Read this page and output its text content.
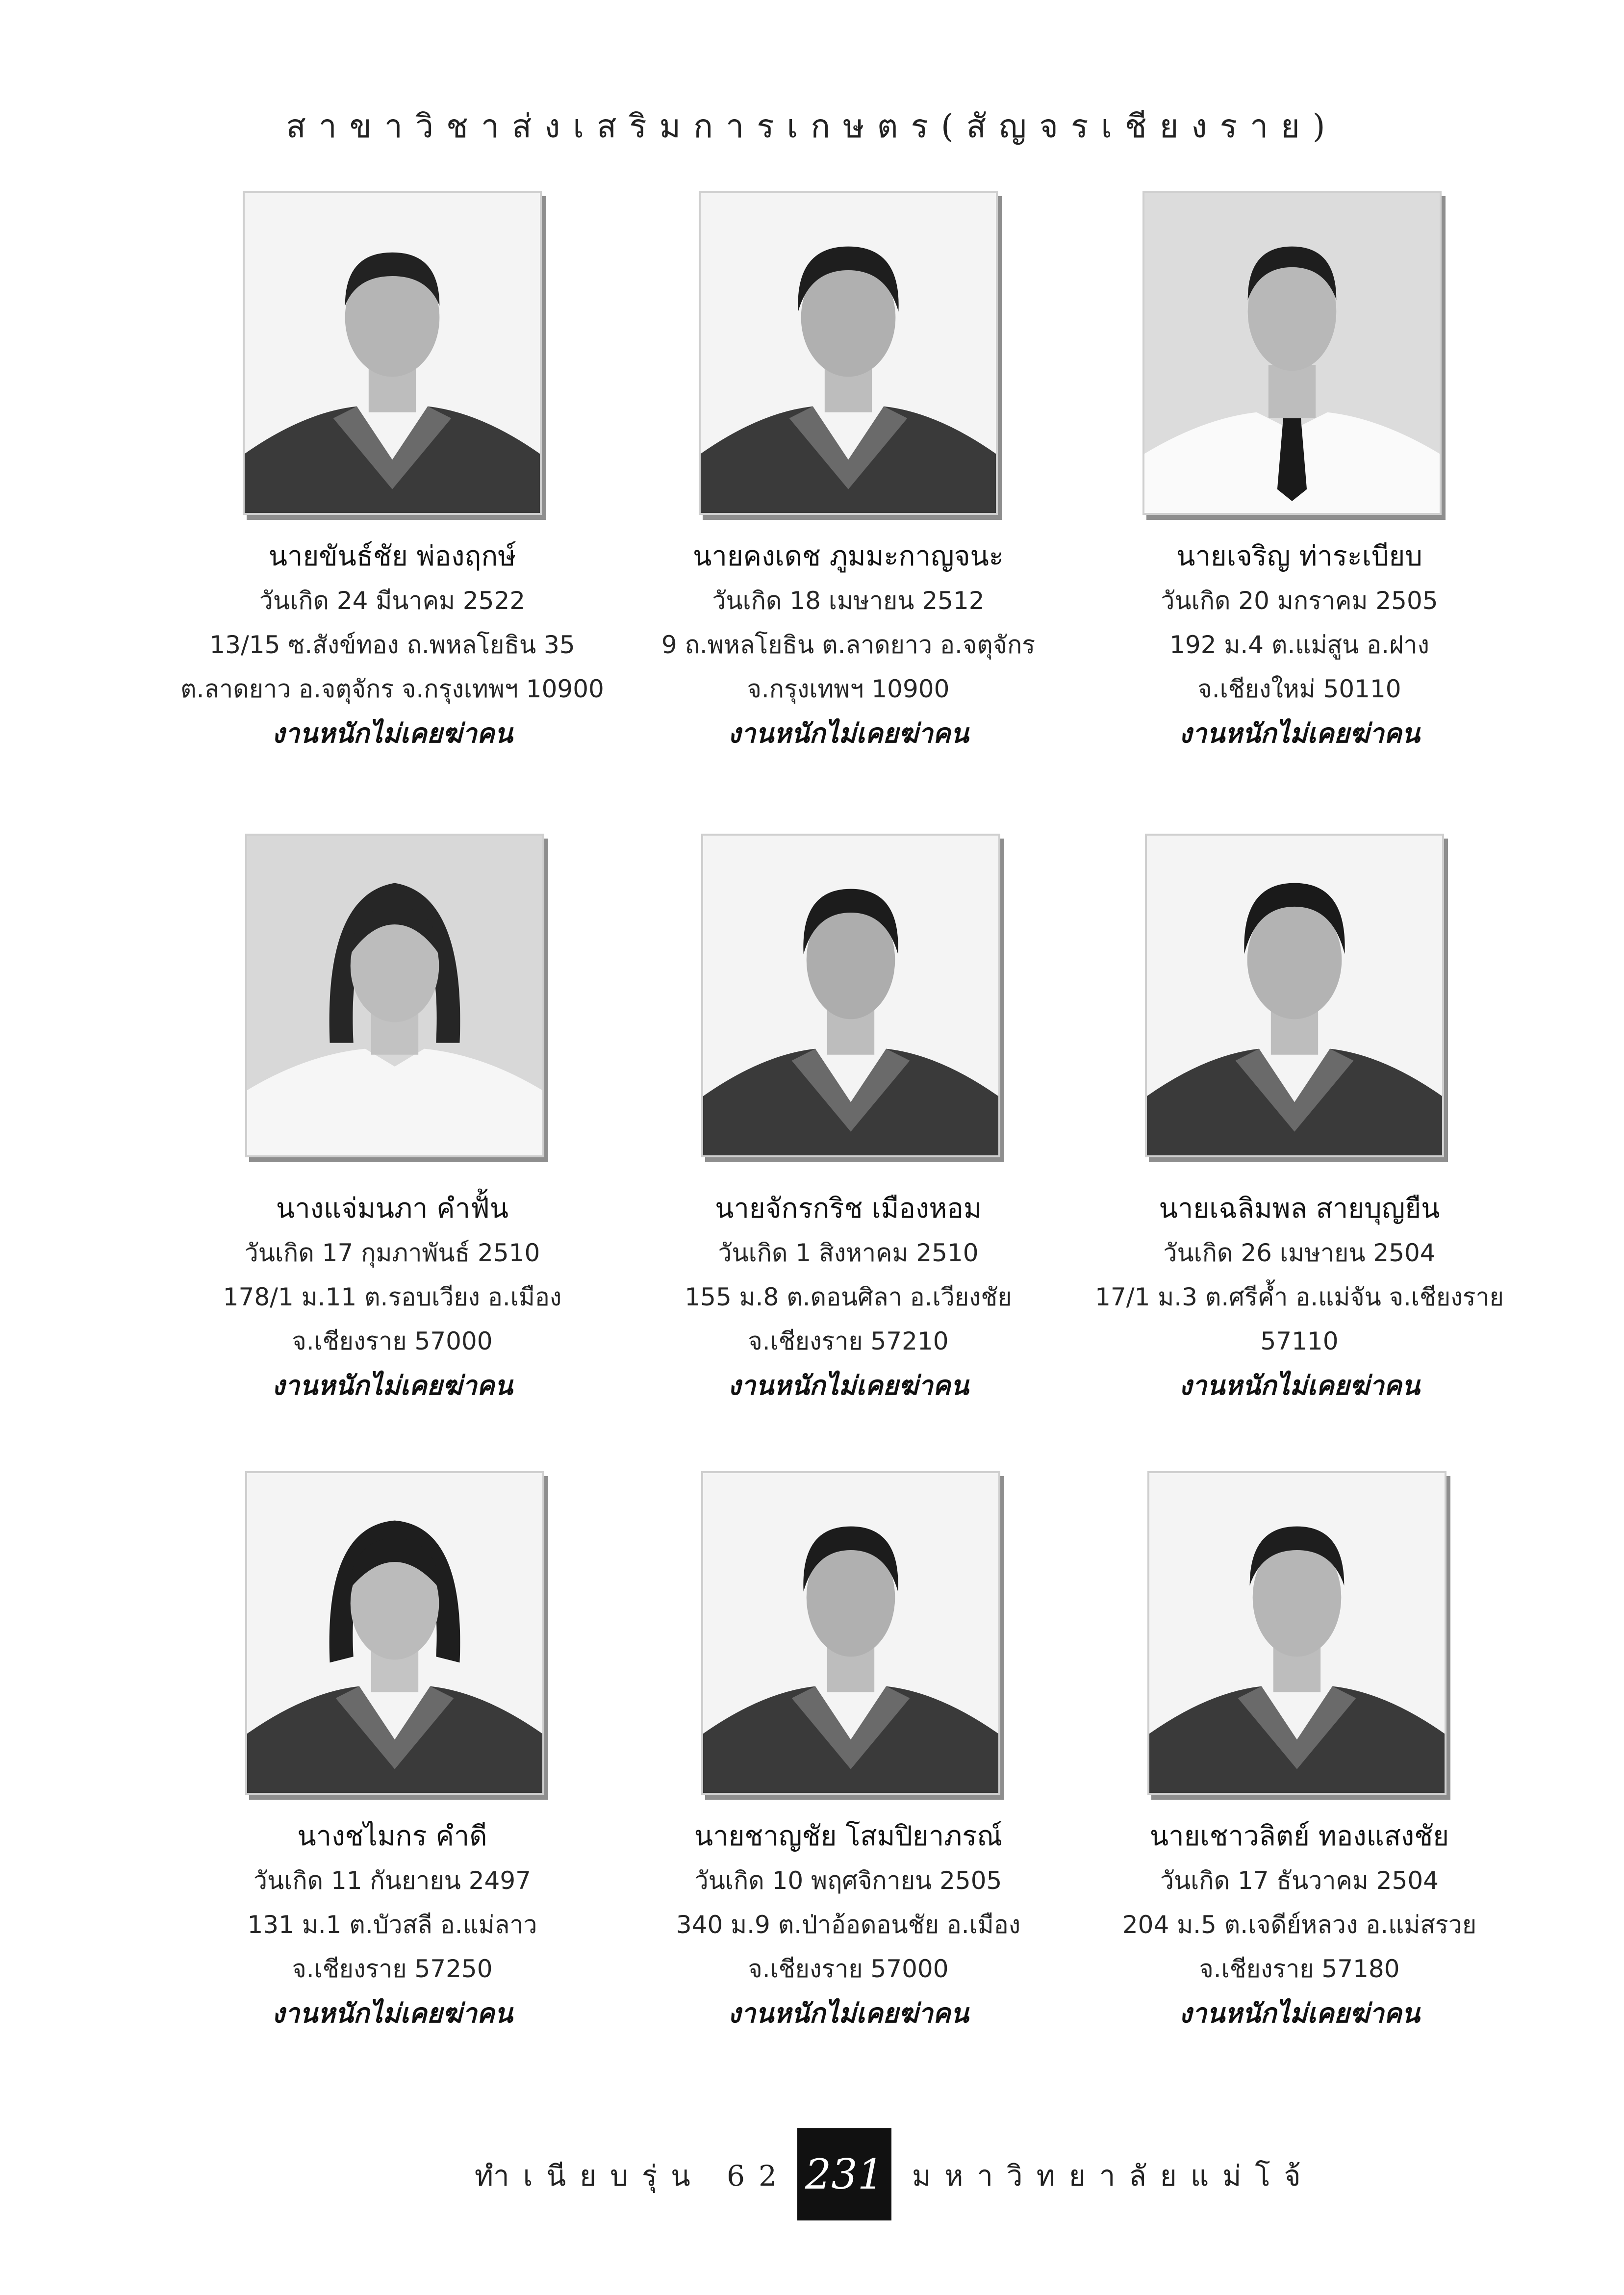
สาขาวิชาส่งเสริมการเกษตร(สัญจรเชียงราย)
นายขันธ์ชัย พ่องฤกษ์
วันเกิด 24 มีนาคม 2522
13/15 ซ.สังข์ทอง ถ.พหลโยธิน 35
ต.ลาดยาว อ.จตุจักร จ.กรุงเทพฯ 10900
งานหนักไม่เคยฆ่าคน
นายคงเดช ภูมมะกาญจนะ
วันเกิด 18 เมษายน 2512
9 ถ.พหลโยธิน ต.ลาดยาว อ.จตุจักร
จ.กรุงเทพฯ 10900
งานหนักไม่เคยฆ่าคน
นายเจริญ ท่าระเบียบ
วันเกิด 20 มกราคม 2505
192 ม.4 ต.แม่สูน อ.ฝาง
จ.เชียงใหม่ 50110
งานหนักไม่เคยฆ่าคน
นางแจ่มนภา คำฟั้น
วันเกิด 17 กุมภาพันธ์ 2510
178/1 ม.11 ต.รอบเวียง อ.เมือง
จ.เชียงราย 57000
งานหนักไม่เคยฆ่าคน
นายจักรกริช เมืองหอม
วันเกิด 1 สิงหาคม 2510
155 ม.8 ต.ดอนศิลา อ.เวียงชัย
จ.เชียงราย 57210
งานหนักไม่เคยฆ่าคน
นายเฉลิมพล สายบุญยืน
วันเกิด 26 เมษายน 2504
17/1 ม.3 ต.ศรีค้ำ อ.แม่จัน จ.เชียงราย
57110
งานหนักไม่เคยฆ่าคน
นางชไมกร คำดี
วันเกิด 11 กันยายน 2497
131 ม.1 ต.บัวสลี อ.แม่ลาว
จ.เชียงราย 57250
งานหนักไม่เคยฆ่าคน
นายชาญชัย โสมปิยาภรณ์
วันเกิด 10 พฤศจิกายน 2505
340 ม.9 ต.ป่าอ้อดอนชัย อ.เมือง
จ.เชียงราย 57000
งานหนักไม่เคยฆ่าคน
นายเชาวลิตย์ ทองแสงชัย
วันเกิด 17 ธันวาคม 2504
204 ม.5 ต.เจดีย์หลวง อ.แม่สรวย
จ.เชียงราย 57180
งานหนักไม่เคยฆ่าคน
ทำเนียบรุ่น 62 231 มหาวิทยาลัยแม่โจ้
